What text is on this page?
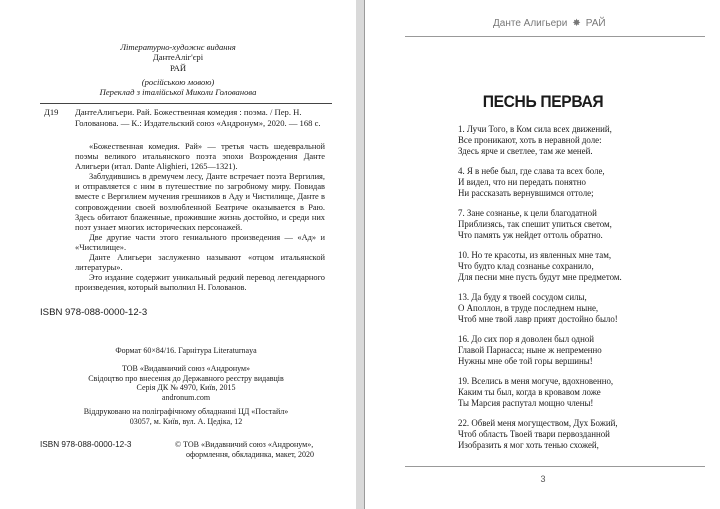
Літературно-художнє видання
ДантеАліг'єрі
РАЙ
(російською мовою)
Переклад з італійської Миколи Голованова
Д19 ДантеАлигьери. Рай. Божественная комедия : поэма. / Пер. Н. Голованова. — К.: Издательский союз «Андронум», 2020. — 168 с.

«Божественная комедия. Рай» — третья часть шедевральной поэмы великого итальянского поэта эпохи Возрождения Данте Алигьери (итал. Dante Alighieri, 1265—1321).

Заблудившись в дремучем лесу, Данте встречает поэта Вергилия, и отправляется с ним в путешествие по загробному миру. Повидав вместе с Вергилием мучения грешников в Аду и Чистилище, Данте в сопровождении своей возлюбленной Беатриче оказывается в Раю. Здесь обитают блаженные, прожившие жизнь достойно, и среди них поэт узнает многих исторических персонажей.

Две другие части этого гениального произведения — «Ад» и «Чистилище».

Данте Алигьери заслуженно называют «отцом итальянской литературы».

Это издание содержит уникальный редкий перевод легендарного произведения, который выполнил Н. Голованов.

ISBN 978-088-0000-12-3
Формат 60×84/16. Гарнітура Literaturnaya
ТОВ «Видавничий союз «Андронум»
Свідоцтво про внесення до Державного реєстру видавців
Серія ДК № 4970, Київ, 2015
andronum.com
Віддруковано на поліграфічному обладнанні ЦД «Постайл»
03057, м. Київ, вул. А. Цедіка, 12
ISBN 978-088-0000-12-3	© ТОВ «Видавничий союз «Андронум»,
оформлення, обкладинка, макет, 2020
Данте Алигьери ✸ РАЙ
ПЕСНЬ ПЕРВАЯ
1. Лучи Того, в Ком сила всех движений,
Все проникают, хоть в неравной доле:
Здесь ярче и светлее, там же меней.
4. Я в небе был, где слава та всех боле,
И видел, что ни передать понятно
Ни рассказать вернувшимся оттоле;
7. Зане сознанье, к цели благодатной
Приблизясь, так спешит упиться светом,
Что память уж нейдет оттоль обратно.
10. Но те красоты, из явленных мне там,
Что будто клад сознанье сохранило,
Для песни мне пусть будут мне предметом.
13. Да буду я твоей сосудом силы,
О Аполлон, в труде последнем ныне,
Чтоб мне твой лавр прият достойно было!
16. До сих пор я доволен был одной
Главой Парнасса; ныне ж непременно
Нужны мне обе той горы вершины!
19. Вселись в меня могуче, вдохновенно,
Каким ты был, когда в кровавом ложе
Ты Марсия распутал мощно члены!
22. Обвей меня могуществом, Дух Божий,
Чтоб область Твоей твари первозданной
Изобразить я мог хоть тенью схожей,
3
